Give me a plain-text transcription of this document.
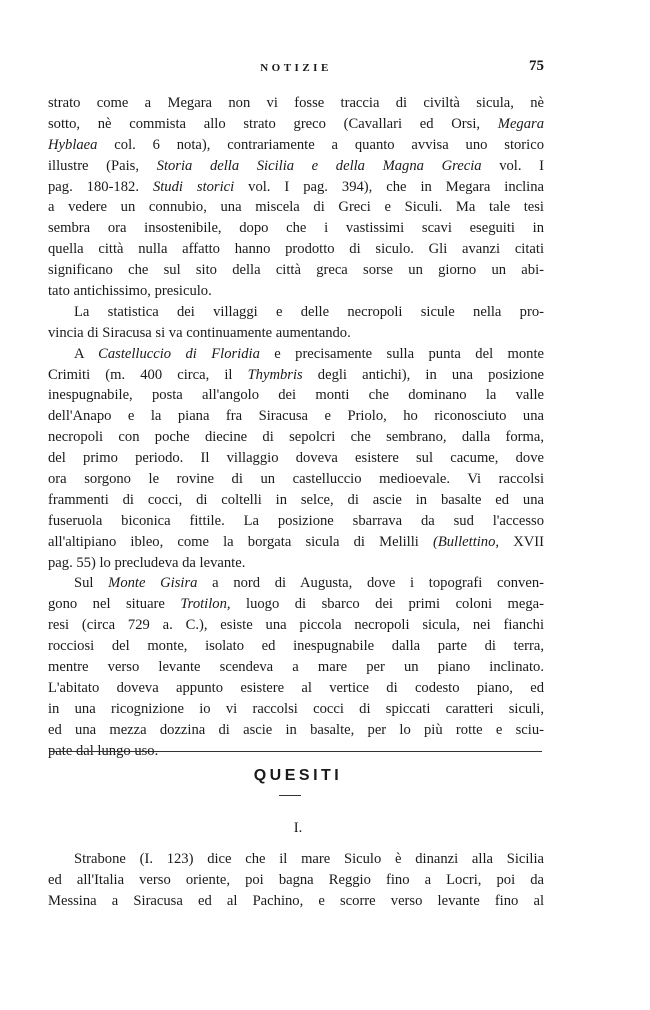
NOTIZIE	75
strato come a Megara non vi fosse traccia di civiltà sicula, nè
sotto, nè commista allo strato greco (Cavallari ed Orsi, Megara
Hyblaea col. 6 nota), contrariamente a quanto avvisa uno storico
illustre (Pais, Storia della Sicilia e della Magna Grecia vol. I
pag. 180-182. Studi storici vol. I pag. 394), che in Megara inclina
a vedere un connubio, una miscela di Greci e Siculi. Ma tale tesi
sembra ora insostenibile, dopo che i vastissimi scavi eseguiti in
quella città nulla affatto hanno prodotto di siculo. Gli avanzi citati
significano che sul sito della città greca sorse un giorno un abi-
tato antichissimo, presiculo.
La statistica dei villaggi e delle necropoli sicule nella pro-
vincia di Siracusa si va continuamente aumentando.
A Castelluccio di Floridia e precisamente sulla punta del monte
Crimiti (m. 400 circa, il Thymbris degli antichi), in una posizione
inespugnabile, posta all'angolo dei monti che dominano la valle
dell'Anapo e la piana fra Siracusa e Priolo, ho riconosciuto una
necropoli con poche diecine di sepolcri che sembrano, dalla forma,
del primo periodo. Il villaggio doveva esistere sul cacume, dove
ora sorgono le rovine di un castelluccio medioevale. Vi raccolsi
frammenti di cocci, di coltelli in selce, di ascie in basalte ed una
fuseruola biconica fittile. La posizione sbarrava da sud l'accesso
all'altipiano ibleo, come la borgata sicula di Melilli (Bullettino, XVII
pag. 55) lo precludeva da levante.
Sul Monte Gisira a nord di Augusta, dove i topografi conven-
gono nel situare Trotilon, luogo di sbarco dei primi coloni mega-
resi (circa 729 a. C.), esiste una piccola necropoli sicula, nei fianchi
rocciosi del monte, isolato ed inespugnabile dalla parte di terra,
mentre verso levante scendeva a mare per un piano inclinato.
L'abitato doveva appunto esistere al vertice di codesto piano, ed
in una ricognizione io vi raccolsi cocci di spiccati caratteri siculi,
ed una mezza dozzina di ascie in basalte, per lo più rotte e sciu-
pate dal lungo uso.
QUESITI
I.
Strabone (I. 123) dice che il mare Siculo è dinanzi alla Sicilia
ed all'Italia verso oriente, poi bagna Reggio fino a Locri, poi da
Messina a Siracusa ed al Pachino, e scorre verso levante fino al
